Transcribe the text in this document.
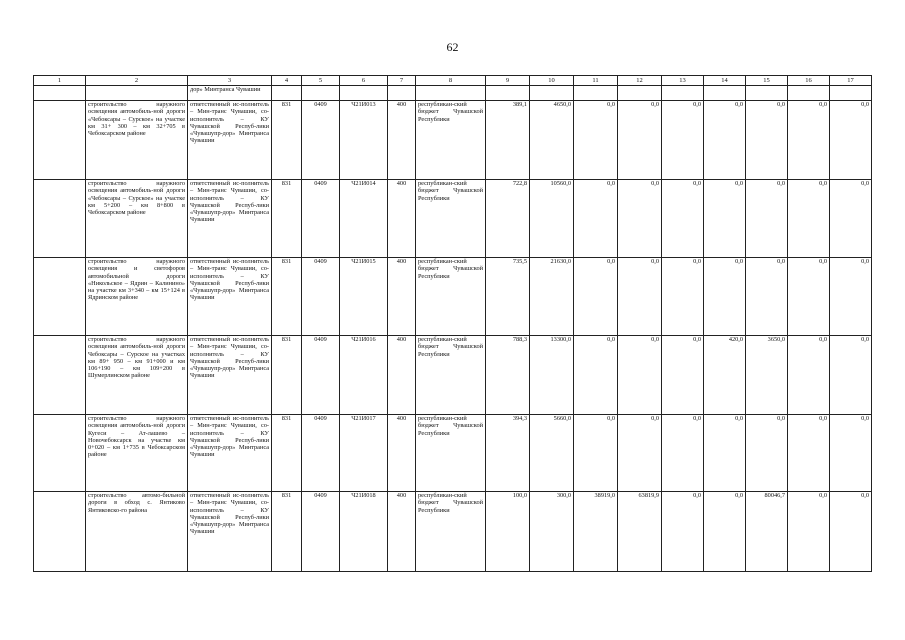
62
1	2	3	4	5	6	7	8	9	10	11	12	13	14	15	16	17
		дор» Минтранса Чувашии														
	строительство наружного освещения автомобиль-ной дороги «Чебоксары – Сурское» на участке км 31+ 300 – км 32+705 в Чебоксарском районе	ответственный ис-полнитель – Мин-транс Чувашии, со-исполнитель – КУ Чувашской Респуб-лики «Чувашупр-дор» Минтранса Чувашии	831	0409	Ч21И013	400	республикан-ский бюджет Чувашской Республики	389,1	4650,0	0,0	0,0	0,0	0,0	0,0	0,0	0,0
	строительство наружного освещения автомобиль-ной дороги «Чебоксары – Сурское» на участке км 5+200 – км 8+800 в Чебоксарском районе	ответственный ис-полнитель – Мин-транс Чувашии, со-исполнитель – КУ Чувашской Респуб-лики «Чувашупр-дор» Минтранса Чувашии	831	0409	Ч21И014	400	республикан-ский бюджет Чувашской Республики	722,8	10560,0	0,0	0,0	0,0	0,0	0,0	0,0	0,0
	строительство наружного освещения и светофоров автомобильной дороги «Никольское – Ядрин – Калинино» на участке км 3+340 – км 15+124 в Ядринском районе	ответственный ис-полнитель – Мин-транс Чувашии, со-исполнитель – КУ Чувашской Респуб-лики «Чувашупр-дор» Минтранса Чувашии	831	0409	Ч21И015	400	республикан-ский бюджет Чувашской Республики	735,5	21630,0	0,0	0,0	0,0	0,0	0,0	0,0	0,0
	строительство наружного освещения автомобиль-ной дороги Чебоксары – Сурское на участках км 89+ 950 – км 91+000 и км 106+190 – км 109+200 в Шумерлинском районе	ответственный ис-полнитель – Мин-транс Чувашии, со-исполнитель – КУ Чувашской Респуб-лики «Чувашупр-дор» Минтранса Чувашии	831	0409	Ч21И016	400	республикан-ский бюджет Чувашской Республики	788,3	13300,0	0,0	0,0	0,0	420,0	3650,0	0,0	0,0
	строительство наружного освещения автомобиль-ной дороги Кугеси – Ат-лашево – Новочебоксарск на участке км 0+020 – км 1+735 в Чебоксарском районе	ответственный ис-полнитель – Мин-транс Чувашии, со-исполнитель – КУ Чувашской Респуб-лики «Чувашупр-дор» Минтранса Чувашии	831	0409	Ч21И017	400	республикан-ский бюджет Чувашской Республики	394,3	5660,0	0,0	0,0	0,0	0,0	0,0	0,0	0,0
	строительство автомо-бильной дороги в обход с. Янтиково Янтиковско-го района	ответственный ис-полнитель – Мин-транс Чувашии, со-исполнитель – КУ Чувашской Респуб-лики «Чувашупр-дор» Минтранса Чувашии	831	0409	Ч21И018	400	республикан-ский бюджет Чувашской Республики	100,0	300,0	38919,0	63819,9	0,0	0,0	80046,7	0,0	0,0
